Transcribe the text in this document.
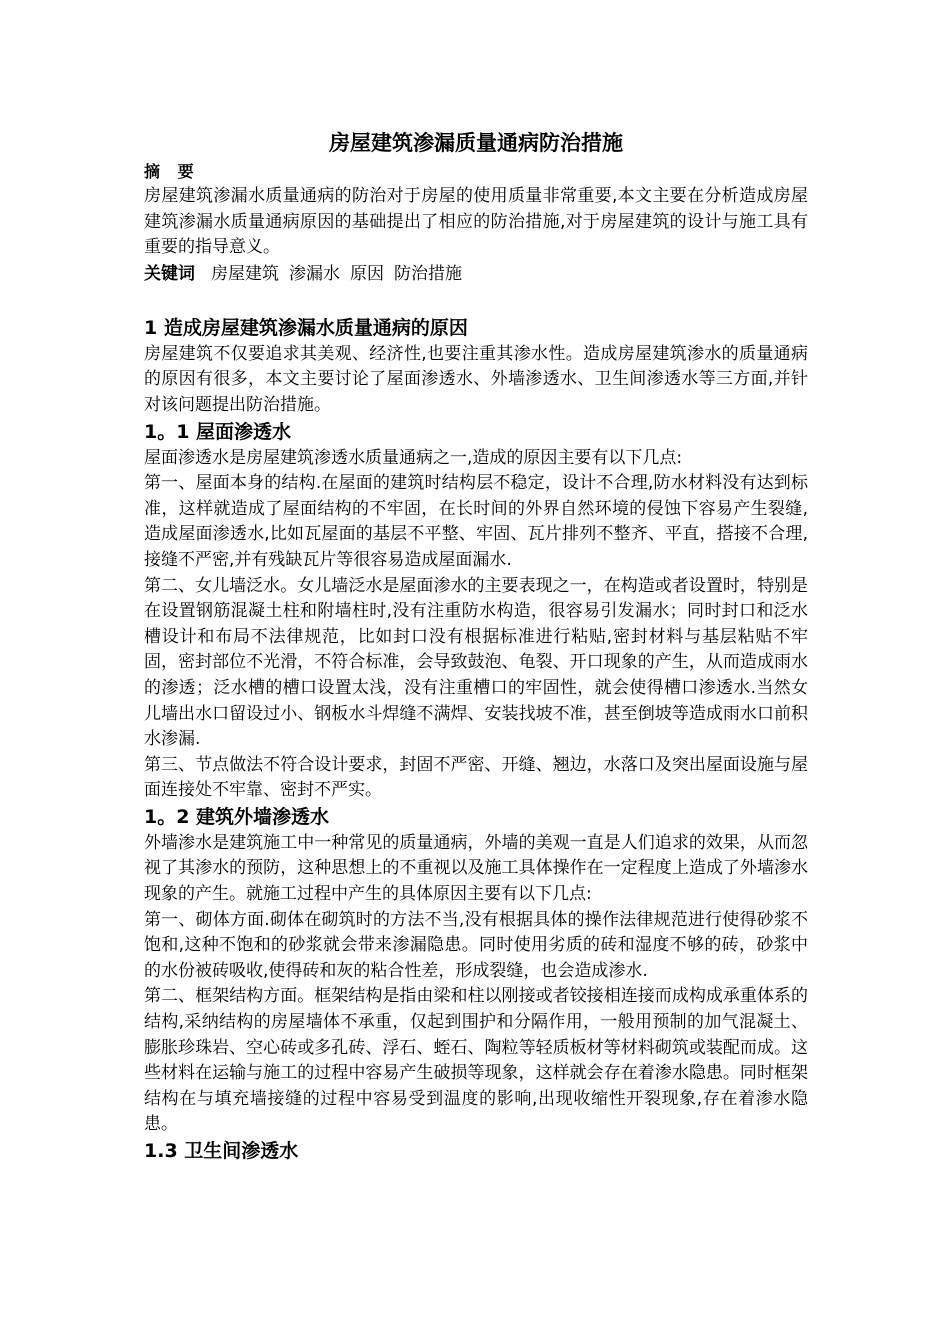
房屋建筑渗漏质量通病防治措施
摘 要

房屋建筑渗漏水质量通病的防治对于房屋的使用质量非常重要,本文主要在分析造成房屋建筑渗漏水质量通病原因的基础提出了相应的防治措施,对于房屋建筑的设计与施工具有重要的指导意义。

关键词 房屋建筑 渗漏水 原因 防治措施
1 造成房屋建筑渗漏水质量通病的原因

房屋建筑不仅要追求其美观、经济性,也要注重其渗水性。造成房屋建筑渗水的质量通病的原因有很多，本文主要讨论了屋面渗透水、外墙渗透水、卫生间渗透水等三方面,并针对该问题提出防治措施。

1。1 屋面渗透水

屋面渗透水是房屋建筑渗透水质量通病之一,造成的原因主要有以下几点:

第一、屋面本身的结构.在屋面的建筑时结构层不稳定，设计不合理,防水材料没有达到标准，这样就造成了屋面结构的不牢固，在长时间的外界自然环境的侵蚀下容易产生裂缝,造成屋面渗透水,比如瓦屋面的基层不平整、牢固、瓦片排列不整齐、平直，搭接不合理,接缝不严密,并有残缺瓦片等很容易造成屋面漏水.

第二、女儿墙泛水。女儿墙泛水是屋面渗水的主要表现之一，在构造或者设置时，特别是在设置钢筋混凝土柱和附墙柱时,没有注重防水构造，很容易引发漏水；同时封口和泛水槽设计和布局不法律规范，比如封口没有根据标准进行粘贴,密封材料与基层粘贴不牢固，密封部位不光滑，不符合标准，会导致鼓泡、龟裂、开口现象的产生，从而造成雨水的渗透；泛水槽的槽口设置太浅，没有注重槽口的牢固性，就会使得槽口渗透水.当然女儿墙出水口留设过小、钢板水斗焊缝不满焊、安装找坡不准，甚至倒坡等造成雨水口前积水渗漏.

第三、节点做法不符合设计要求，封固不严密、开缝、翘边，水落口及突出屋面设施与屋面连接处不牢靠、密封不严实。

1。2 建筑外墙渗透水

外墙渗水是建筑施工中一种常见的质量通病，外墙的美观一直是人们追求的效果，从而忽视了其渗水的预防，这种思想上的不重视以及施工具体操作在一定程度上造成了外墙渗水现象的产生。就施工过程中产生的具体原因主要有以下几点:

第一、砌体方面.砌体在砌筑时的方法不当,没有根据具体的操作法律规范进行使得砂浆不饱和,这种不饱和的砂浆就会带来渗漏隐患。同时使用劣质的砖和湿度不够的砖，砂浆中的水份被砖吸收,使得砖和灰的粘合性差，形成裂缝，也会造成渗水.

第二、框架结构方面。框架结构是指由梁和柱以刚接或者铰接相连接而成构成承重体系的结构,采纳结构的房屋墙体不承重，仅起到围护和分隔作用，一般用预制的加气混凝土、膨胀珍珠岩、空心砖或多孔砖、浮石、蛭石、陶粒等轻质板材等材料砌筑或装配而成。这些材料在运输与施工的过程中容易产生破损等现象，这样就会存在着渗水隐患。同时框架结构在与填充墙接缝的过程中容易受到温度的影响,出现收缩性开裂现象,存在着渗水隐患。

1.3 卫生间渗透水
